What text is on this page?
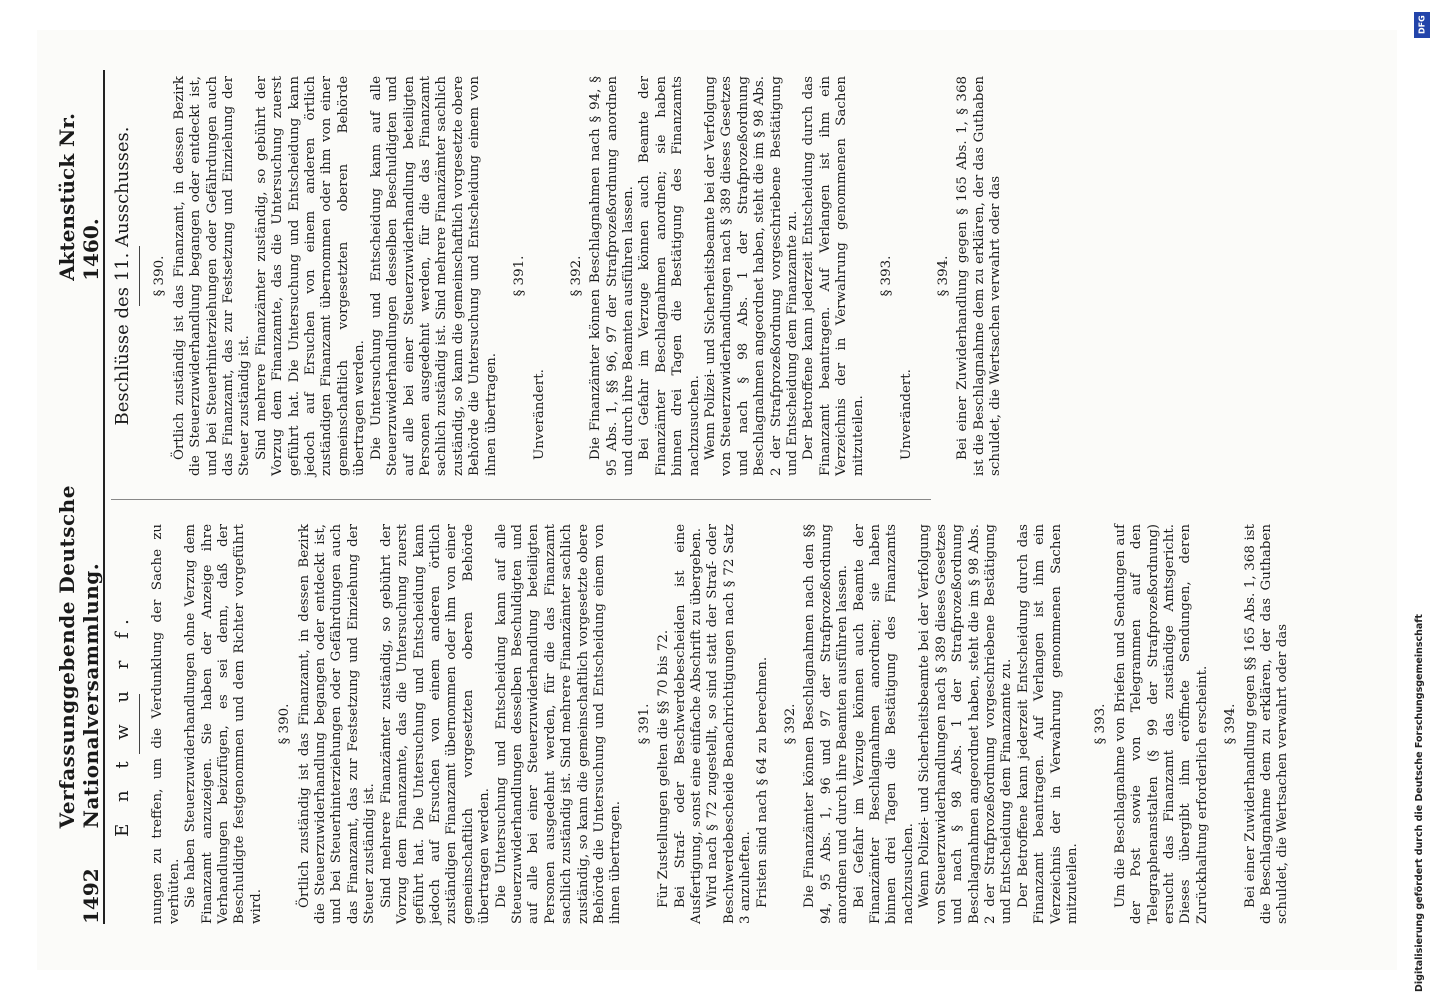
1492
Verfassunggebende Deutsche Nationalversammlung.
Aktenstück Nr. 1460.
E n t w u r f. nungen zu treffen, um die Verdunklung der Sache zu verhüten. Sie haben Steuerzuwiderhandlungen ohne Verzug dem Finanzamt anzuzeigen. Sie haben der Anzeige ihre Verhandlungen beizufügen, es sei denn, daß der Beschuldigte festgenommen und dem Richter vorgeführt wird.
§ 390. Örtlich zuständig ist das Finanzamt, in dessen Bezirk die Steuerzuwiderhandlung begangen oder entdeckt ist, und bei Steuerhinterziehungen oder Gefährdungen auch das Finanzamt, das zur Festsetzung und Einziehung der Steuer zuständig ist. Sind mehrere Finanzämter zuständig, so gebührt der Vorzug dem Finanzamte, das die Untersuchung zuerst geführt hat. Die Untersuchung und Entscheidung kann jedoch auf Ersuchen von einem anderen örtlich zuständigen Finanzamt übernommen oder ihm von einer gemeinschaftlich vorgesetzten oberen Behörde übertragen werden. Die Untersuchung und Entscheidung kann auf alle Steuerzuwiderhandlungen desselben Beschuldigten und auf alle bei einer Steuerzuwiderhandlung beteiligten Personen ausgedehnt werden, für die das Finanzamt sachlich zuständig ist. Sind mehrere Finanzämter sachlich zuständig, so kann die gemeinschaftlich vorgesetzte obere Behörde die Untersuchung und Entscheidung einem von ihnen übertragen.
§ 391. Für Zustellungen gelten die §§ 70 bis 72. Bei Straf- oder Beschwerdebescheiden ist eine Ausfertigung, sonst eine einfache Abschrift zu übergeben. Wird nach § 72 zugestellt, so sind statt der Straf- oder Beschwerdebescheide Benachrichtigungen nach § 72 Satz 3 anzuheften. Fristen sind nach § 64 zu berechnen. § 392. Die Finanzämter können Beschlagnahmen nach den §§ 94, 95 Abs. 1, 96 und 97 der Strafprozeßordnung anordnen und durch ihre Beamten ausführen lassen. Bei Gefahr im Verzuge können auch Beamte der Finanzämter Beschlagnahmen anordnen; sie haben binnen drei Tagen die Bestätigung des Finanzamts nachzusuchen. Wenn Polizei- und Sicherheitsbeamte bei der Verfolgung von Steuerzuwiderhandlungen nach § 389 dieses Gesetzes und nach § 98 Abs. 1 der Strafprozeßordnung Beschlagnahmen angeordnet haben, steht die im § 98 Abs. 2 der Strafprozeßordnung vorgeschriebene Bestätigung und Entscheidung dem Finanzamte zu. Der Betroffene kann jederzeit Entscheidung durch das Finanzamt beantragen. Auf Verlangen ist ihm ein Verzeichnis der in Verwahrung genommenen Sachen mitzuteilen.
§ 393. Um die Beschlagnahme von Briefen und Sendungen auf der Post sowie von Telegrammen auf den Telegraphenanstalten (§ 99 der Strafprozeßordnung) ersucht das Finanzamt das zuständige Amtsgericht. Dieses übergibt ihm eröffnete Sendungen, deren Zurückhaltung erforderlich erscheint. § 394. Bei einer Zuwiderhandlung gegen §§ 165 Abs. 1, 368 ist die Beschlagnahme dem zu erklären, der das Guthaben schuldet, die Wertsachen verwahrt oder das
Beschlüsse des 11. Ausschusses. § 390. Örtlich zuständig ist das Finanzamt, in dessen Bezirk die Steuerzuwiderhandlung begangen oder entdeckt ist, und bei Steuerhinterziehungen oder Gefährdungen auch das Finanzamt, das zur Festsetzung und Einziehung der Steuer zuständig ist. Sind mehrere Finanzämter zuständig, so gebührt der Vorzug dem Finanzamte, das die Untersuchung zuerst geführt hat. Die Untersuchung und Entscheidung kann jedoch auf Ersuchen von einem anderen örtlich zuständigen Finanzamt übernommen oder ihm von einer gemeinschaftlich vorgesetzten oberen Behörde übertragen werden. Die Untersuchung und Entscheidung kann auf alle Steuerzuwiderhandlungen desselben Beschuldigten und auf alle bei einer Steuerzuwiderhandlung beteiligten Personen ausgedehnt werden, für die das Finanzamt sachlich zuständig ist. Sind mehrere Finanzämter sachlich zuständig, so kann die gemeinschaftlich vorgesetzte obere Behörde die Untersuchung und Entscheidung einem von ihnen übertragen.
§ 391.
Unverändert.
§ 392. Die Finanzämter können Beschlagnahmen nach § 94, § 95 Abs. 1, §§ 96, 97 der Strafprozeßordnung anordnen und durch ihre Beamten ausführen lassen. Bei Gefahr im Verzuge können auch Beamte der Finanzämter Beschlagnahmen anordnen; sie haben binnen drei Tagen die Bestätigung des Finanzamts nachzusuchen. Wenn Polizei- und Sicherheitsbeamte bei der Verfolgung von Steuerzuwiderhandlungen nach § 389 dieses Gesetzes und nach § 98 Abs. 1 der Strafprozeßordnung Beschlagnahmen angeordnet haben, steht die im § 98 Abs. 2 der Strafprozeßordnung vorgeschriebene Bestätigung und Entscheidung dem Finanzamte zu. Der Betroffene kann jederzeit Entscheidung durch das Finanzamt beantragen. Auf Verlangen ist ihm ein Verzeichnis der in Verwahrung genommenen Sachen mitzuteilen.
§ 393.
Unverändert.
§ 394. Bei einer Zuwiderhandlung gegen § 165 Abs. 1, § 368 ist die Beschlagnahme dem zu erklären, der das Guthaben schuldet, die Wertsachen verwahrt oder das
DFG
Digitalisierung gefördert durch die Deutsche Forschungsgemeinschaft
